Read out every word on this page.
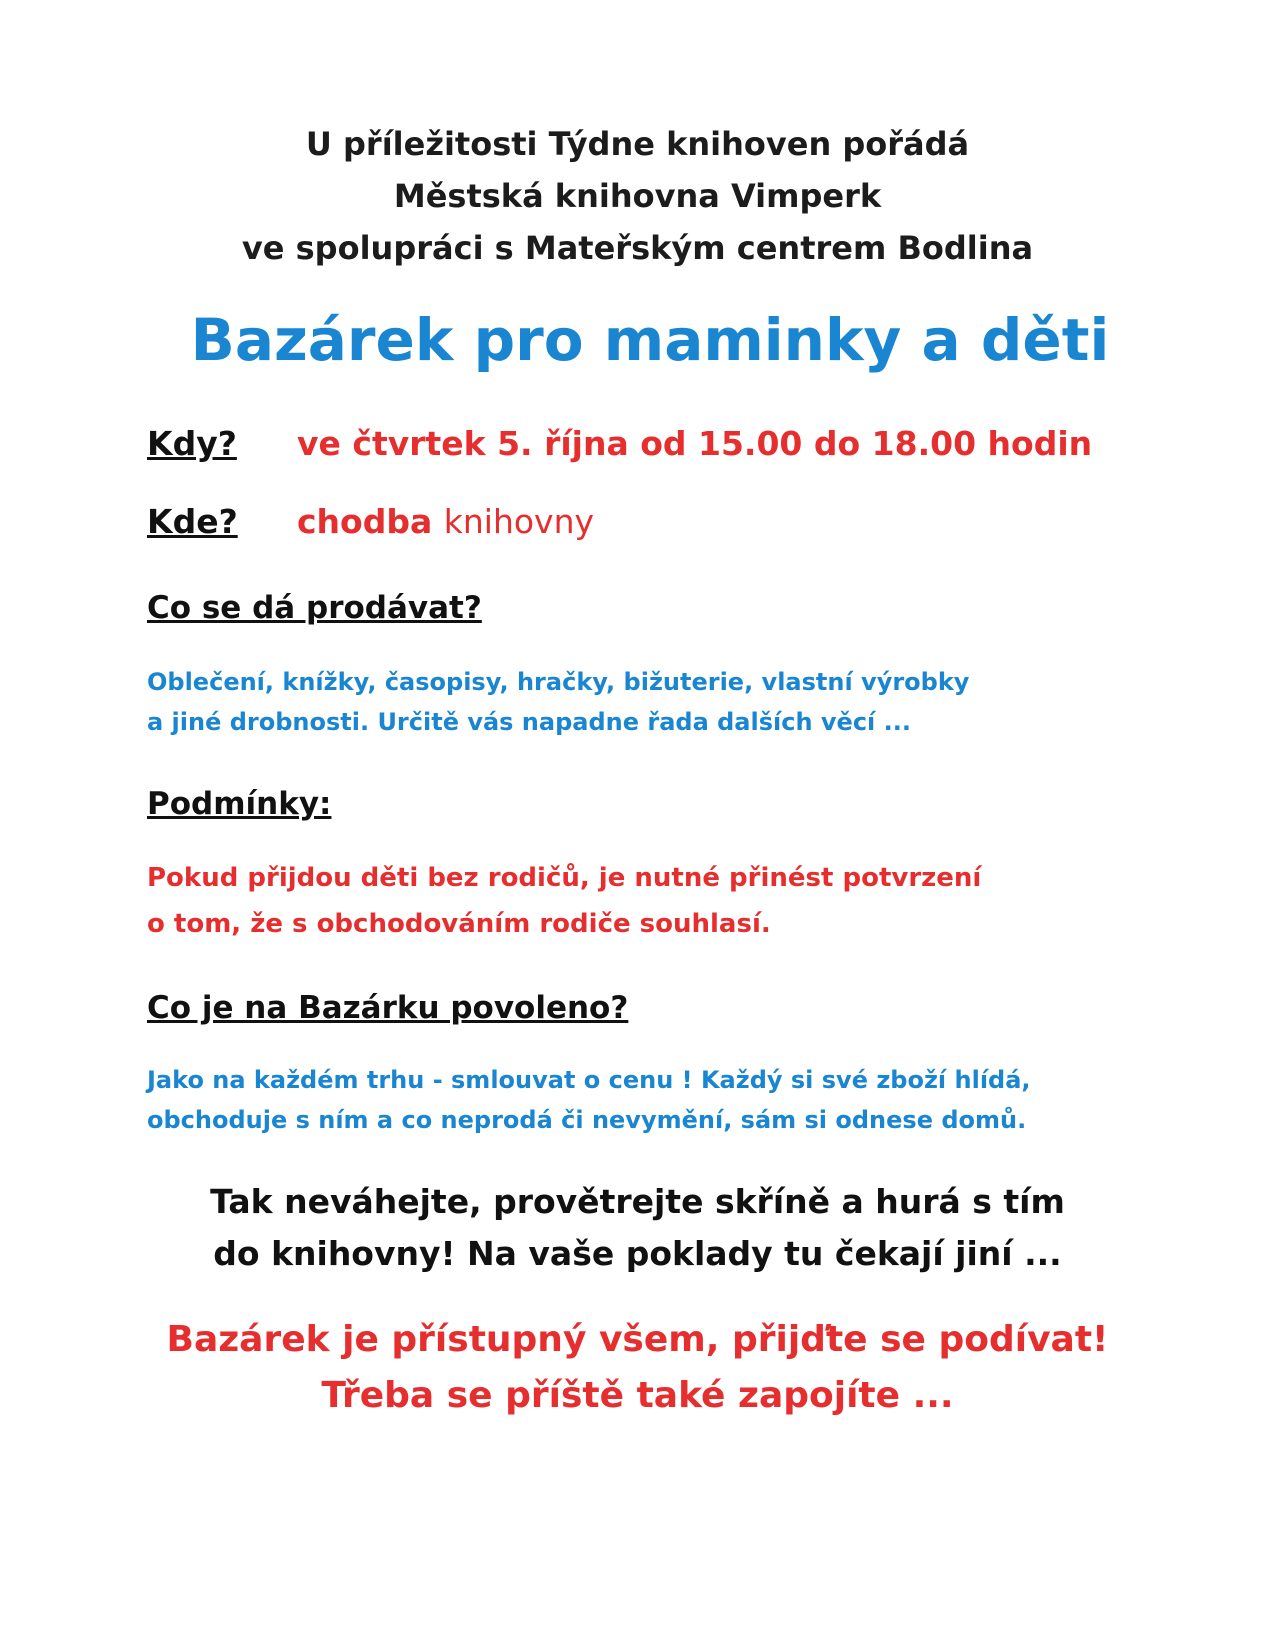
U příležitosti Týdne knihoven pořádá
Městská knihovna Vimperk
ve spolupráci s Mateřským centrem Bodlina
Bazárek pro maminky a děti
Kdy? ve čtvrtek 5. října od 15.00 do 18.00 hodin
Kde? chodba knihovny
Co se dá prodávat?
Oblečení, knížky, časopisy, hračky, bižuterie, vlastní výrobky
a jiné drobnosti. Určitě vás napadne řada dalších věcí ...
Podmínky:
Pokud přijdou děti bez rodičů, je nutné přinést potvrzení
o tom, že s obchodováním rodiče souhlasí.
Co je na Bazárku povoleno?
Jako na každém trhu - smlouvat o cenu ! Každý si své zboží hlídá,
obchoduje s ním a co neprodá či nevymění, sám si odnese domů.
Tak neváhejte, provětrejte skříně a hurá s tím
do knihovny! Na vaše poklady tu čekají jiní ...
Bazárek je přístupný všem, přijďte se podívat!
Třeba se příště také zapojíte ...
